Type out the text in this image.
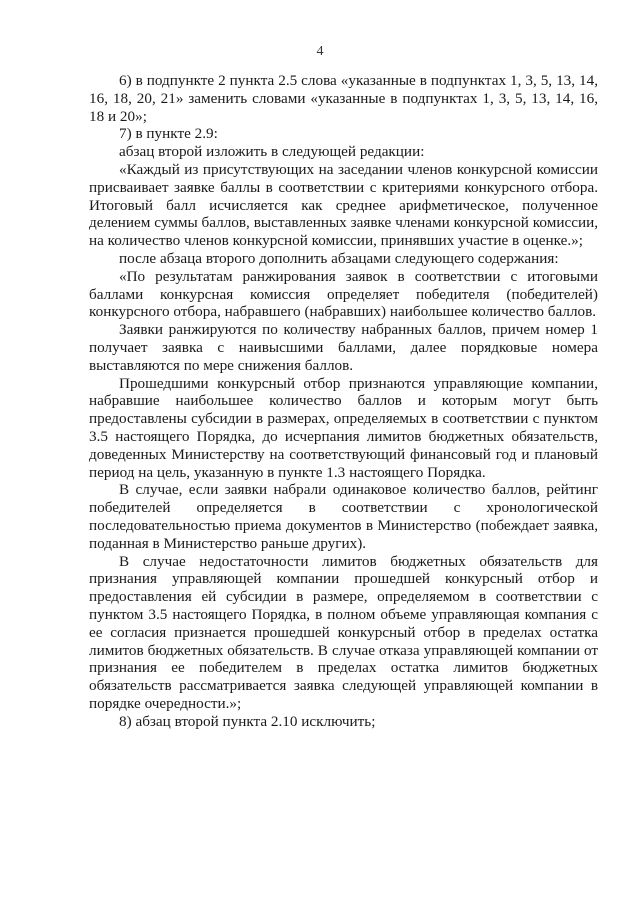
4

6) в подпункте 2 пункта 2.5 слова «указанные в подпунктах 1, 3, 5, 13, 14, 16, 18, 20, 21» заменить словами «указанные в подпунктах 1, 3, 5, 13, 14, 16, 18 и 20»;

7) в пункте 2.9:

абзац второй изложить в следующей редакции:

«Каждый из присутствующих на заседании членов конкурсной комиссии присваивает заявке баллы в соответствии с критериями конкурсного отбора. Итоговый балл исчисляется как среднее арифметическое, полученное делением суммы баллов, выставленных заявке членами конкурсной комиссии, на количество членов конкурсной комиссии, принявших участие в оценке.»;

после абзаца второго дополнить абзацами следующего содержания:

«По результатам ранжирования заявок в соответствии с итоговыми баллами конкурсная комиссия определяет победителя (победителей) конкурсного отбора, набравшего (набравших) наибольшее количество баллов.

Заявки ранжируются по количеству набранных баллов, причем номер 1 получает заявка с наивысшими баллами, далее порядковые номера выставляются по мере снижения баллов.

Прошедшими конкурсный отбор признаются управляющие компании, набравшие наибольшее количество баллов и которым могут быть предоставлены субсидии в размерах, определяемых в соответствии с пунктом 3.5 настоящего Порядка, до исчерпания лимитов бюджетных обязательств, доведенных Министерству на соответствующий финансовый год и плановый период на цель, указанную в пункте 1.3 настоящего Порядка.

В случае, если заявки набрали одинаковое количество баллов, рейтинг победителей определяется в соответствии с хронологической последовательностью приема документов в Министерство (побеждает заявка, поданная в Министерство раньше других).

В случае недостаточности лимитов бюджетных обязательств для признания управляющей компании прошедшей конкурсный отбор и предоставления ей субсидии в размере, определяемом в соответствии с пунктом 3.5 настоящего Порядка, в полном объеме управляющая компания с ее согласия признается прошедшей конкурсный отбор в пределах остатка лимитов бюджетных обязательств. В случае отказа управляющей компании от признания ее победителем в пределах остатка лимитов бюджетных обязательств рассматривается заявка следующей управляющей компании в порядке очередности.»;

8) абзац второй пункта 2.10 исключить;
